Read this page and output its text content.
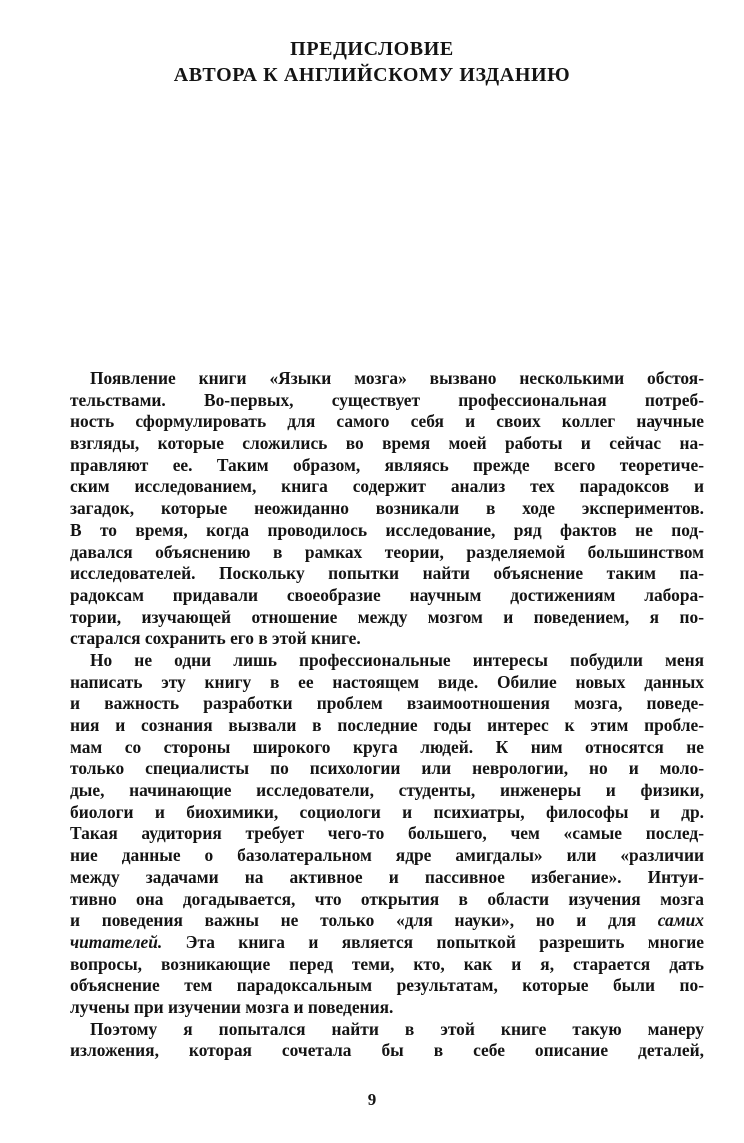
ПРЕДИСЛОВИЕ
АВТОРА К АНГЛИЙСКОМУ ИЗДАНИЮ
Появление книги «Языки мозга» вызвано несколькими обстоя-
тельствами. Во-первых, существует профессиональная потреб-
ность сформулировать для самого себя и своих коллег научные
взгляды, которые сложились во время моей работы и сейчас на-
правляют ее. Таким образом, являясь прежде всего теоретиче-
ским исследованием, книга содержит анализ тех парадоксов и
загадок, которые неожиданно возникали в ходе экспериментов.
В то время, когда проводилось исследование, ряд фактов не под-
давался объяснению в рамках теории, разделяемой большинством
исследователей. Поскольку попытки найти объяснение таким па-
радоксам придавали своеобразие научным достижениям лабора-
тории, изучающей отношение между мозгом и поведением, я по-
старался сохранить его в этой книге.
Но не одни лишь профессиональные интересы побудили меня
написать эту книгу в ее настоящем виде. Обилие новых данных
и важность разработки проблем взаимоотношения мозга, поведе-
ния и сознания вызвали в последние годы интерес к этим пробле-
мам со стороны широкого круга людей. К ним относятся не
только специалисты по психологии или неврологии, но и моло-
дые, начинающие исследователи, студенты, инженеры и физики,
биологи и биохимики, социологи и психиатры, философы и др.
Такая аудитория требует чего-то большего, чем «самые послед-
ние данные о базолатеральном ядре амигдалы» или «различии
между задачами на активное и пассивное избегание». Интуи-
тивно она догадывается, что открытия в области изучения мозга
и поведения важны не только «для науки», но и для самих
читателей. Эта книга и является попыткой разрешить многие
вопросы, возникающие перед теми, кто, как и я, старается дать
объяснение тем парадоксальным результатам, которые были по-
лучены при изучении мозга и поведения.
Поэтому я попытался найти в этой книге такую манеру
изложения, которая сочетала бы в себе описание деталей,
9
